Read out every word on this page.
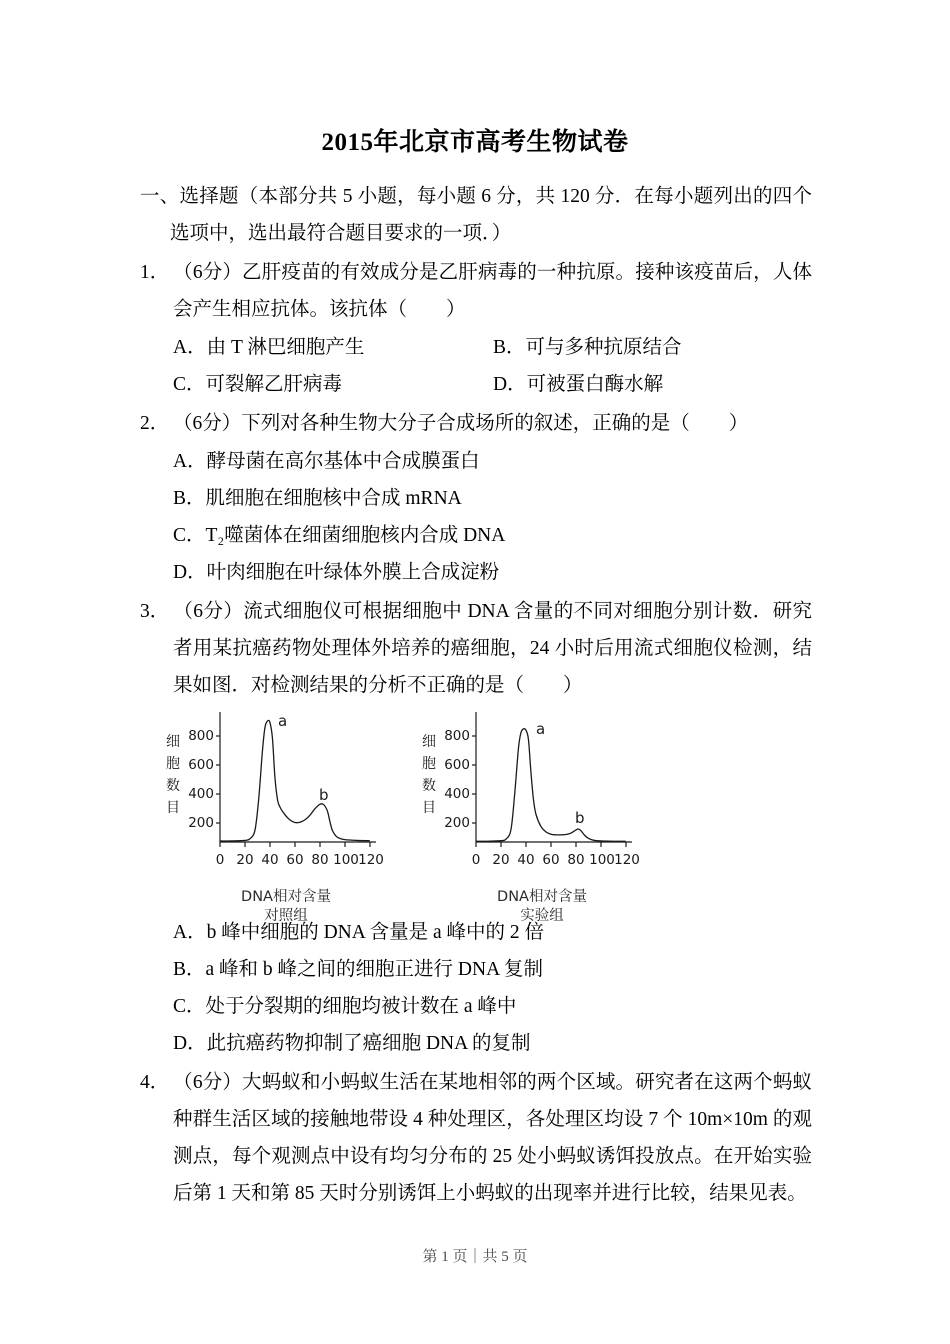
2015年北京市高考生物试卷

一、选择题（本部分共 5 小题，每小题 6 分，共 120 分．在每小题列出的四个选项中，选出最符合题目要求的一项．）

1． （6分）乙肝疫苗的有效成分是乙肝病毒的一种抗原。接种该疫苗后，人体会产生相应抗体。该抗体（　　）

A．由 T 淋巴细胞产生	B．可与多种抗原结合
C．可裂解乙肝病毒	D．可被蛋白酶水解

2． （6分）下列对各种生物大分子合成场所的叙述，正确的是（　　）

A．酵母菌在高尔基体中合成膜蛋白
B．肌细胞在细胞核中合成 mRNA
C．T₂噬菌体在细菌细胞核内合成 DNA
D．叶肉细胞在叶绿体外膜上合成淀粉

3． （6分）流式细胞仪可根据细胞中 DNA 含量的不同对细胞分别计数．研究者用某抗癌药物处理体外培养的癌细胞，24 小时后用流式细胞仪检测，结果如图．对检测结果的分析不正确的是（　　）

细
胞
数
目
800
600
400
200
0 20 40 60 80 100 120
a
b
DNA相对含量
对照组
细
胞
数
目
800
600
400
200
0 20 40 60 80 100 120
a
b
DNA相对含量
实验组
A．b 峰中细胞的 DNA 含量是 a 峰中的 2 倍
B．a 峰和 b 峰之间的细胞正进行 DNA 复制
C．处于分裂期的细胞均被计数在 a 峰中
D．此抗癌药物抑制了癌细胞 DNA 的复制

4． （6分）大蚂蚁和小蚂蚁生活在某地相邻的两个区域。研究者在这两个蚂蚁种群生活区域的接触地带设 4 种处理区，各处理区均设 7 个 10m×10m 的观测点，每个观测点中设有均匀分布的 25 处小蚂蚁诱饵投放点。在开始实验后第 1 天和第 85 天时分别诱饵上小蚂蚁的出现率并进行比较，结果见表。

第 1 页｜共 5 页
